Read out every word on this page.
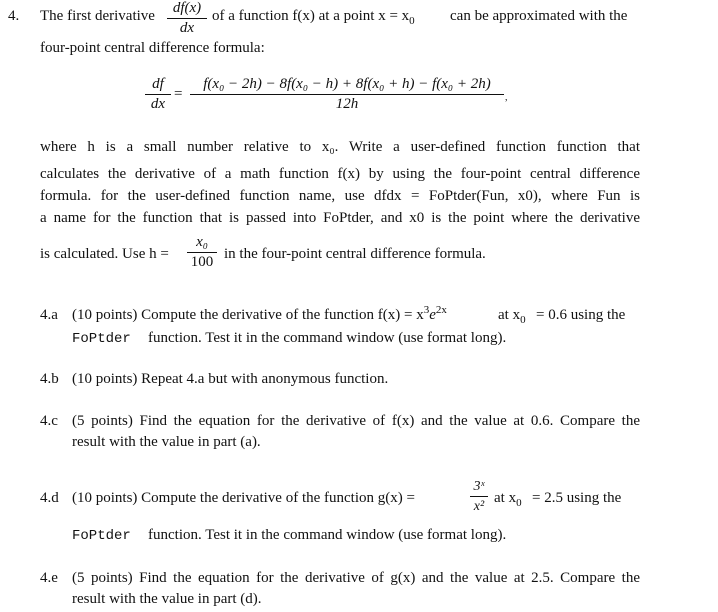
4. The first derivative	df(x)
dx
of a function f(x) at a point $x = x_0$ can be approximated with the
four-point central difference formula:
df
dx
=
f(x₀ − 2h) − 8f(x₀ − h) + 8f(x₀ + h) − f(x₀ + 2h)
12h	,
where h is a small number relative to x₀. Write a user-defined function function that
calculates the derivative of a math function f(x) by using the four-point central difference
formula. for the user-defined function name, use dfdx = FoPtder(Fun, x0), where Fun is
a name for the function that is passed into FoPtder, and x0 is the point where the derivative
is calculated. Use h =
x₀
100 in the four-point central difference formula.
4.a (10 points) Compute the derivative of the function $f(x) = x^3e^{2x}$	at $x_0 = 0.6$ using the
FoPtder function. Test it in the command window (use format long).
4.b (10 points) Repeat 4.a but with anonymous function.
4.c (5 points) Find the equation for the derivative of f(x) and the value at 0.6. Compare the
result with the value in part (a).
4.d (10 points) Compute the derivative of the function g(x) =
3ˣ
x²
at $x_0 = 2.5$ using the
FoPtder function. Test it in the command window (use format long).
4.e (5 points) Find the equation for the derivative of g(x) and the value at 2.5. Compare the
result with the value in part (d).
